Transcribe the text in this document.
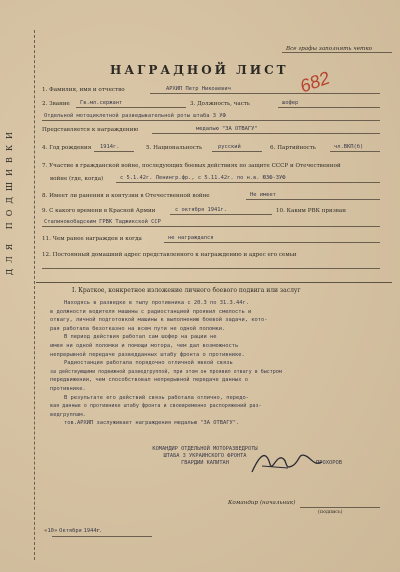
ДЛЯ ПОДШИВКИ
Все графы заполнять четко
НАГРАДНОЙ ЛИСТ 682
1. Фамилия, имя и отчество	АРХИП Петр Никоаевич
2. Звание Гв.мл.сержант	3. Должность, часть	шофер
Отдельной мотоциклетной разведывательной роты штаба 3 УФ
Представляется к награждению	медалью "ЗА ОТВАГУ"
4. Год рождения 1914г.	5. Национальность	русский	6. Партийность	чл.ВКП(б)
7. Участие в гражданской войне, последующих боевых действиях по защите СССР и Отечественной
войне (где, когда)	с 5.1.42г. Ленингр.фр., с 5.11.42г. по н.в. ЮЗФ-3УФ
8. Имеет ли ранения и контузии в Отечественной войне	Не имеет
9. С какого времени в Красной Армии	с октября 1941г.	10. Каким РВК призван
Сталиновобадским ГРВК Таджикской ССР
11. Чем ранее награжден и когда	не награждался
12. Постоянный домашний адрес представленного к награждению и адрес его семьи
I. Краткое, конкретное изложение личного боевого подвига или заслуг
Находясь в разведке в тылу противника с 20.3 по 31.3.44г.
в должности водителя машины с радиостанцией проявил смелость и
отвагу, личной подготовкой машины к выполнению боевой задачи, кото-
рая работала безотказно на всем пути не одной поломки.
В период действия работал сам шофер на рации не
имея ни одной поломки и помощи мотора, чем дал возможность
непрерывной передаче разведданных штабу фронта о противнике.
Радиостанция работала порядочно отличной явкой связь
за действующими подвижной разведгруппой, при этом он проявил отвагу в быстром
передвижении, чем способствовал непрерывной передаче данных о
противнике.
В результате его действий связь работала отлично, передо-
вая данные о противнике штабу фронта и своевременно распоряжений раз-
ведгруппам.
тов.АРХИП заслуживает награждения медалью "ЗА ОТВАГУ".
КОМАНДИР ОТДЕЛЬНОЙ МОТОРАЗВЕДРОТЫ
ШТАБА 3 УКРАИНСКОГО ФРОНТА
ГВАРДИИ КАПИТАН	ПРОХОРОВ
Командир (начальник)
(подпись)
«10» Октября 1944г.
